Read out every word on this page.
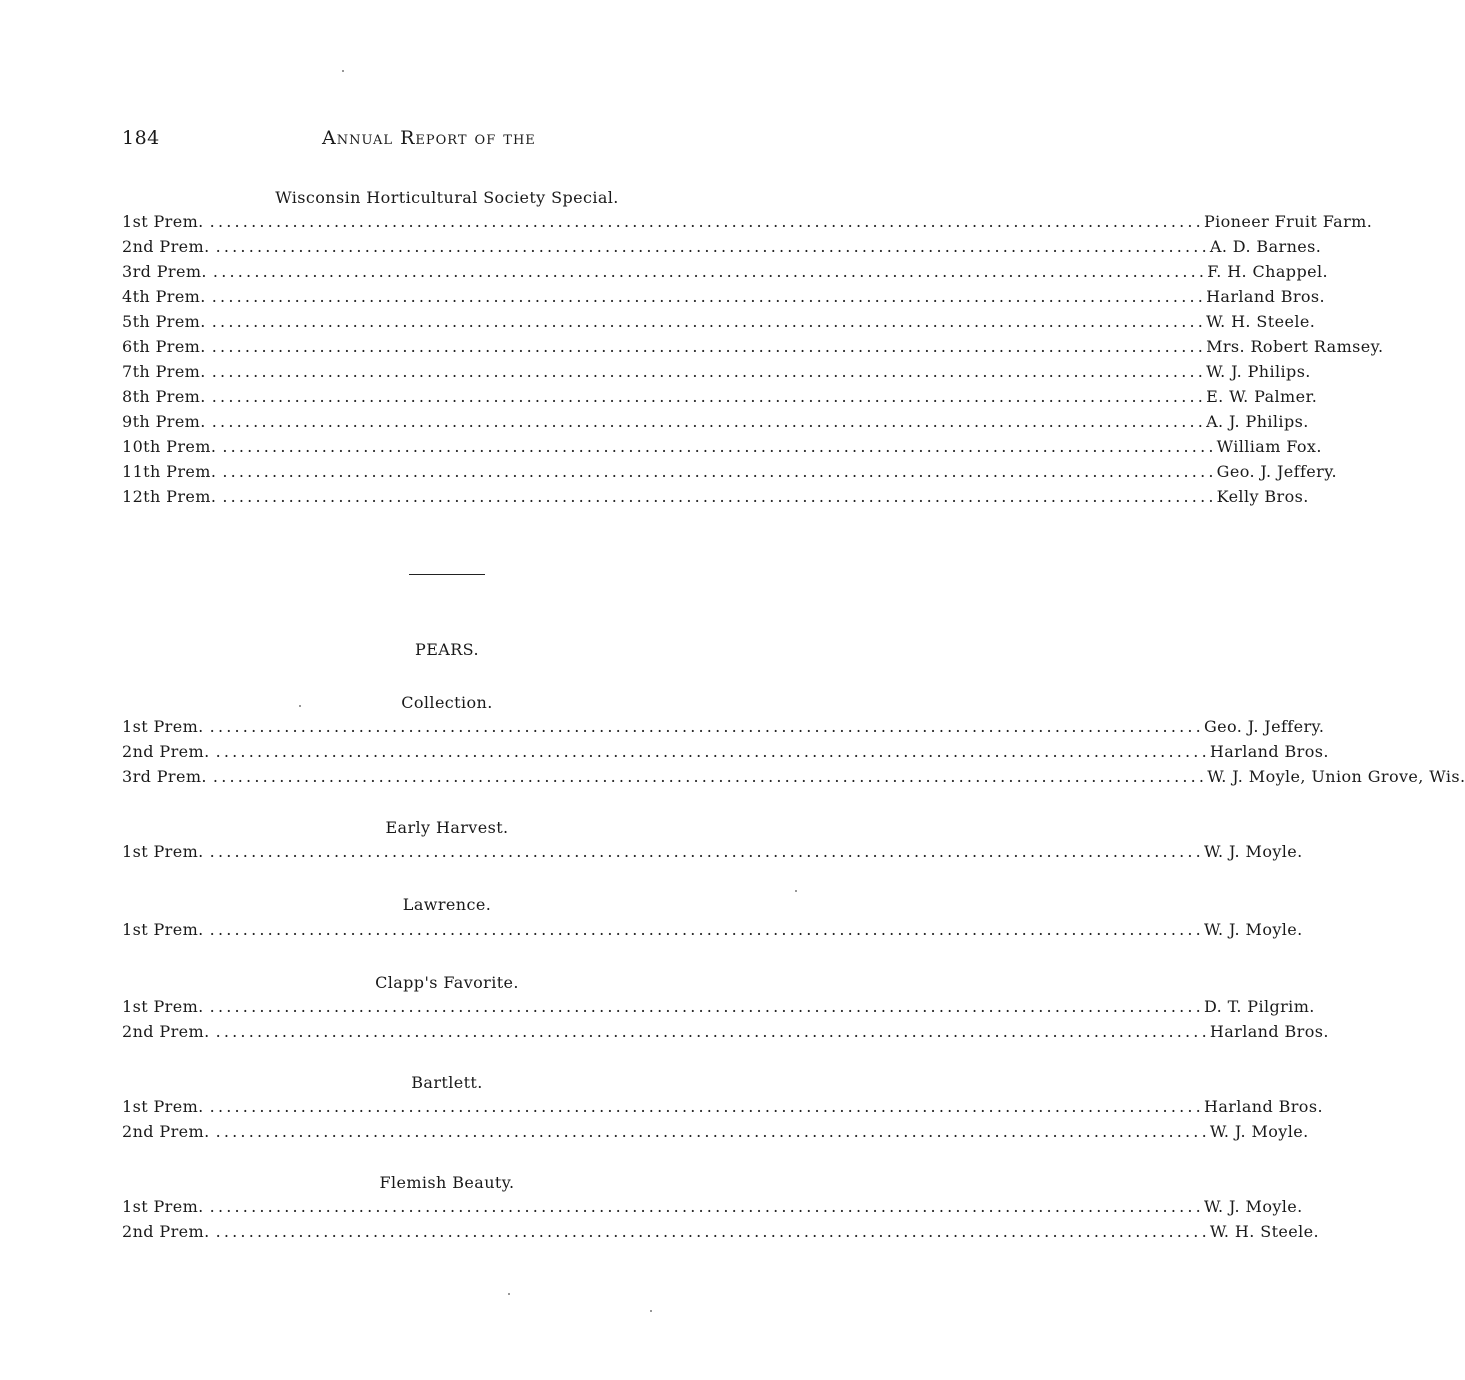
184	Annual Report of the
Wisconsin Horticultural Society Special.
1st Prem. ........................................................................................................................ Pioneer Fruit Farm.
2nd Prem. ........................................................................................................................ A. D. Barnes.
3rd Prem. ........................................................................................................................ F. H. Chappel.
4th Prem. ........................................................................................................................ Harland Bros.
5th Prem. ........................................................................................................................ W. H. Steele.
6th Prem. ........................................................................................................................ Mrs. Robert Ramsey.
7th Prem. ........................................................................................................................ W. J. Philips.
8th Prem. ........................................................................................................................ E. W. Palmer.
9th Prem. ........................................................................................................................ A. J. Philips.
10th Prem. ........................................................................................................................ William Fox.
11th Prem. ........................................................................................................................ Geo. J. Jeffery.
12th Prem. ........................................................................................................................ Kelly Bros.
PEARS.
Collection.
1st Prem. ........................................................................................................................ Geo. J. Jeffery.
2nd Prem. ........................................................................................................................ Harland Bros.
3rd Prem. ........................................................................................................................ W. J. Moyle, Union Grove, Wis.
Early Harvest.
1st Prem. ........................................................................................................................ W. J. Moyle.
Lawrence.
1st Prem. ........................................................................................................................ W. J. Moyle.
Clapp's Favorite.
1st Prem. ........................................................................................................................ D. T. Pilgrim.
2nd Prem. ........................................................................................................................ Harland Bros.
Bartlett.
1st Prem. ........................................................................................................................ Harland Bros.
2nd Prem. ........................................................................................................................ W. J. Moyle.
Flemish Beauty.
1st Prem. ........................................................................................................................ W. J. Moyle.
2nd Prem. ........................................................................................................................ W. H. Steele.
